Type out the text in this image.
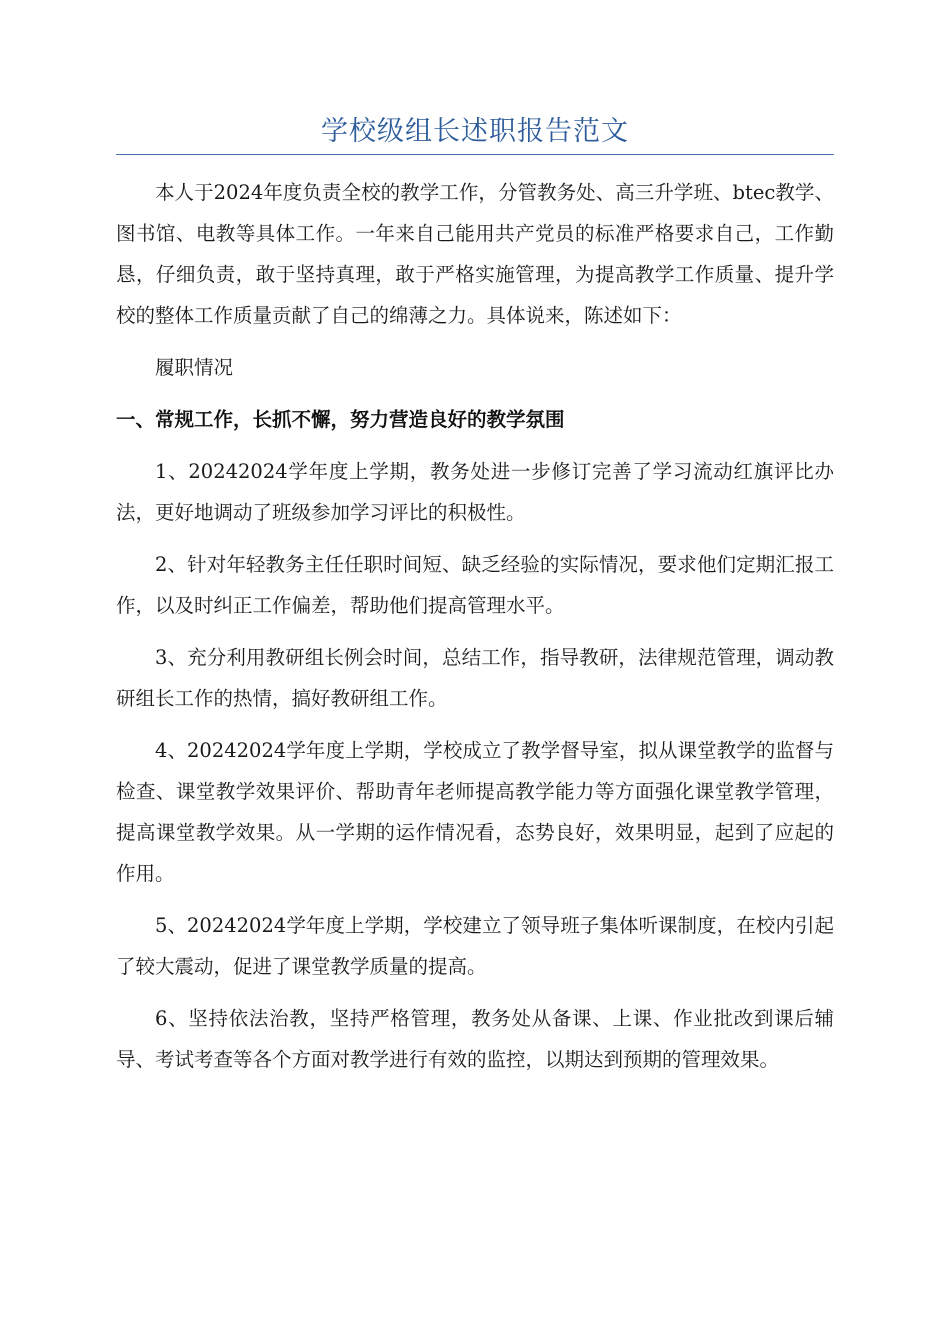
学校级组长述职报告范文

本人于2024年度负责全校的教学工作，分管教务处、高三升学班、btec教学、图书馆、电教等具体工作。一年来自己能用共产党员的标准严格要求自己，工作勤恳，仔细负责，敢于坚持真理，敢于严格实施管理，为提高教学工作质量、提升学校的整体工作质量贡献了自己的绵薄之力。具体说来，陈述如下：

履职情况

一、常规工作，长抓不懈，努力营造良好的教学氛围

1、20242024学年度上学期，教务处进一步修订完善了学习流动红旗评比办法，更好地调动了班级参加学习评比的积极性。

2、针对年轻教务主任任职时间短、缺乏经验的实际情况，要求他们定期汇报工作，以及时纠正工作偏差，帮助他们提高管理水平。

3、充分利用教研组长例会时间，总结工作，指导教研，法律规范管理，调动教研组长工作的热情，搞好教研组工作。

4、20242024学年度上学期，学校成立了教学督导室，拟从课堂教学的监督与检查、课堂教学效果评价、帮助青年老师提高教学能力等方面强化课堂教学管理，提高课堂教学效果。从一学期的运作情况看，态势良好，效果明显，起到了应起的作用。

5、20242024学年度上学期，学校建立了领导班子集体听课制度，在校内引起了较大震动，促进了课堂教学质量的提高。

6、坚持依法治教，坚持严格管理，教务处从备课、上课、作业批改到课后辅导、考试考查等各个方面对教学进行有效的监控，以期达到预期的管理效果。
